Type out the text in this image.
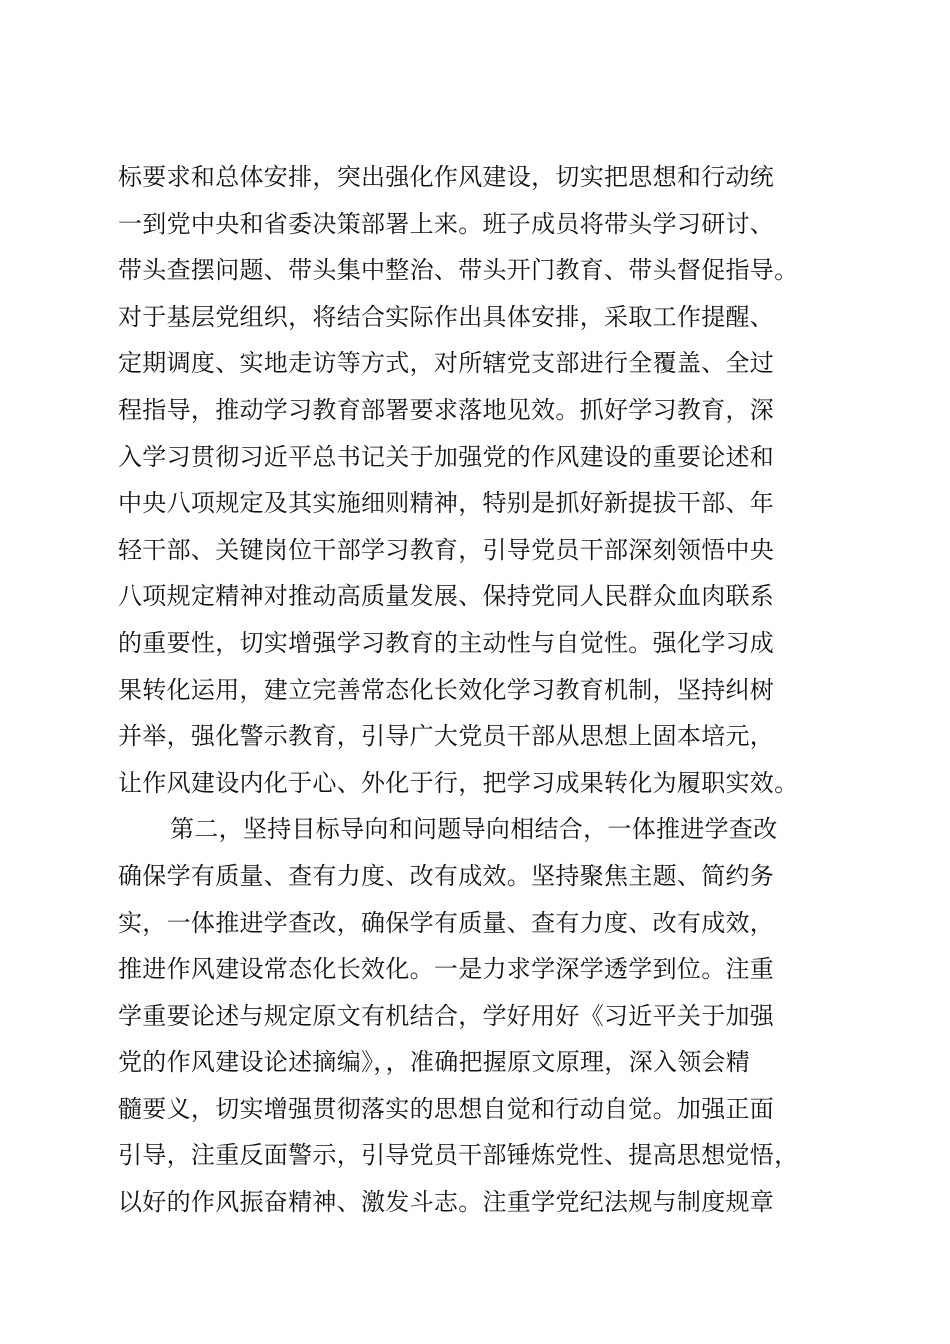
标要求和总体安排，突出强化作风建设，切实把思想和行动统
一到党中央和省委决策部署上来。班子成员将带头学习研讨、
带头查摆问题、带头集中整治、带头开门教育、带头督促指导。
对于基层党组织，将结合实际作出具体安排，采取工作提醒、
定期调度、实地走访等方式，对所辖党支部进行全覆盖、全过
程指导，推动学习教育部署要求落地见效。抓好学习教育，深
入学习贯彻习近平总书记关于加强党的作风建设的重要论述和
中央八项规定及其实施细则精神，特别是抓好新提拔干部、年
轻干部、关键岗位干部学习教育，引导党员干部深刻领悟中央
八项规定精神对推动高质量发展、保持党同人民群众血肉联系
的重要性，切实增强学习教育的主动性与自觉性。强化学习成
果转化运用，建立完善常态化长效化学习教育机制，坚持纠树
并举，强化警示教育，引导广大党员干部从思想上固本培元，
让作风建设内化于心、外化于行，把学习成果转化为履职实效。
第二，坚持目标导向和问题导向相结合，一体推进学查改
确保学有质量、查有力度、改有成效。坚持聚焦主题、简约务
实，一体推进学查改，确保学有质量、查有力度、改有成效，
推进作风建设常态化长效化。一是力求学深学透学到位。注重
学重要论述与规定原文有机结合，学好用好《习近平关于加强
党的作风建设论述摘编》，，准确把握原文原理，深入领会精
髓要义，切实增强贯彻落实的思想自觉和行动自觉。加强正面
引导，注重反面警示，引导党员干部锤炼党性、提高思想觉悟，
以好的作风振奋精神、激发斗志。注重学党纪法规与制度规章
